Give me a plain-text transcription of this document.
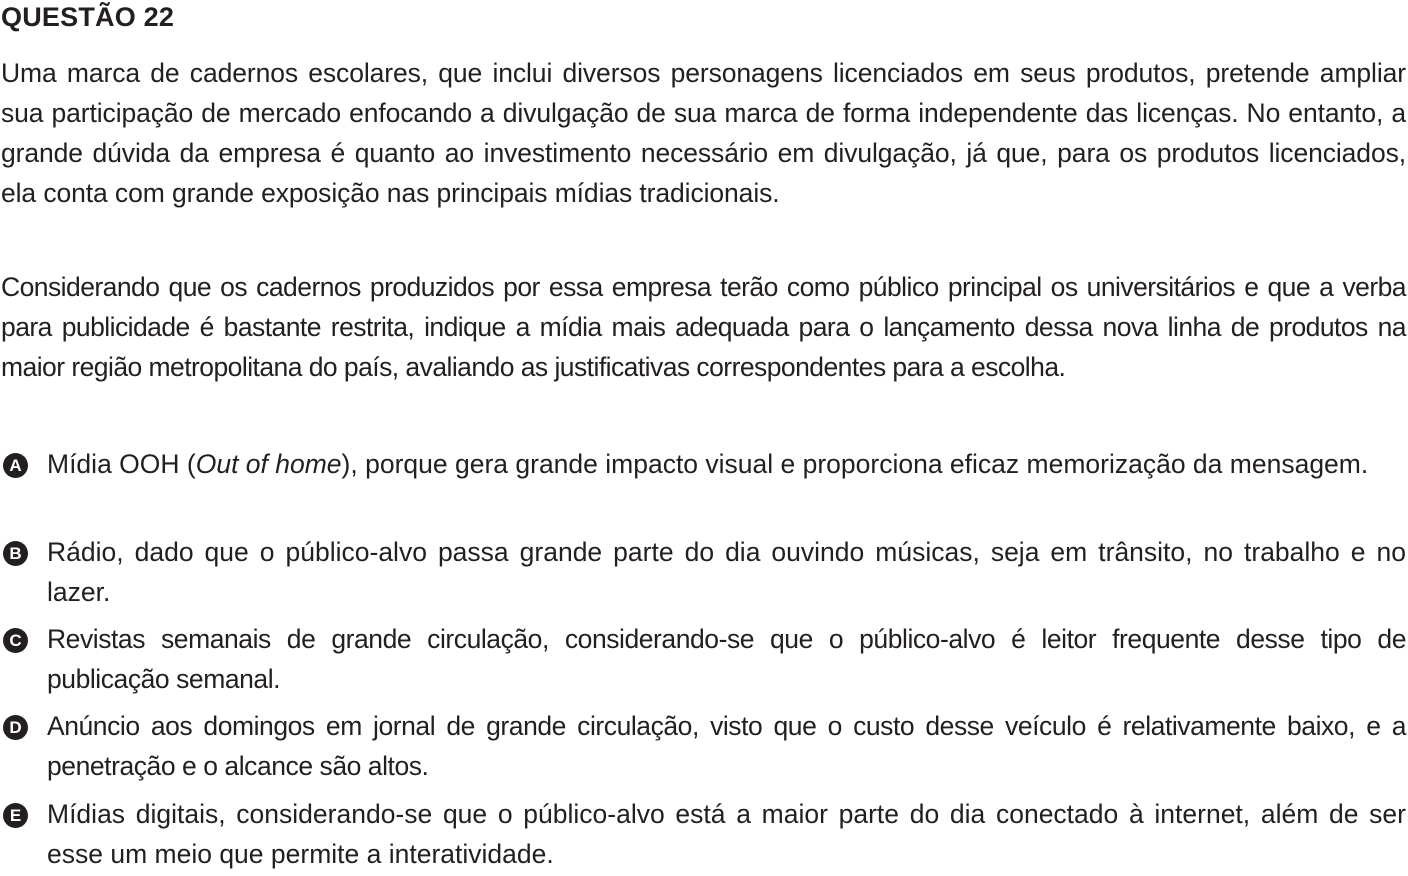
QUESTÃO 22
Uma marca de cadernos escolares, que inclui diversos personagens licenciados em seus produtos, pretende ampliar sua participação de mercado enfocando a divulgação de sua marca de forma independente das licenças. No entanto, a grande dúvida da empresa é quanto ao investimento necessário em divulgação, já que, para os produtos licenciados, ela conta com grande exposição nas principais mídias tradicionais.
Considerando que os cadernos produzidos por essa empresa terão como público principal os universitários e que a verba para publicidade é bastante restrita, indique a mídia mais adequada para o lançamento dessa nova linha de produtos na maior região metropolitana do país, avaliando as justificativas correspondentes para a escolha.
A Mídia OOH (Out of home), porque gera grande impacto visual e proporciona eficaz memorização da mensagem.
B Rádio, dado que o público-alvo passa grande parte do dia ouvindo músicas, seja em trânsito, no trabalho e no lazer.
C Revistas semanais de grande circulação, considerando-se que o público-alvo é leitor frequente desse tipo de publicação semanal.
D Anúncio aos domingos em jornal de grande circulação, visto que o custo desse veículo é relativamente baixo, e a penetração e o alcance são altos.
E Mídias digitais, considerando-se que o público-alvo está a maior parte do dia conectado à internet, além de ser esse um meio que permite a interatividade.
